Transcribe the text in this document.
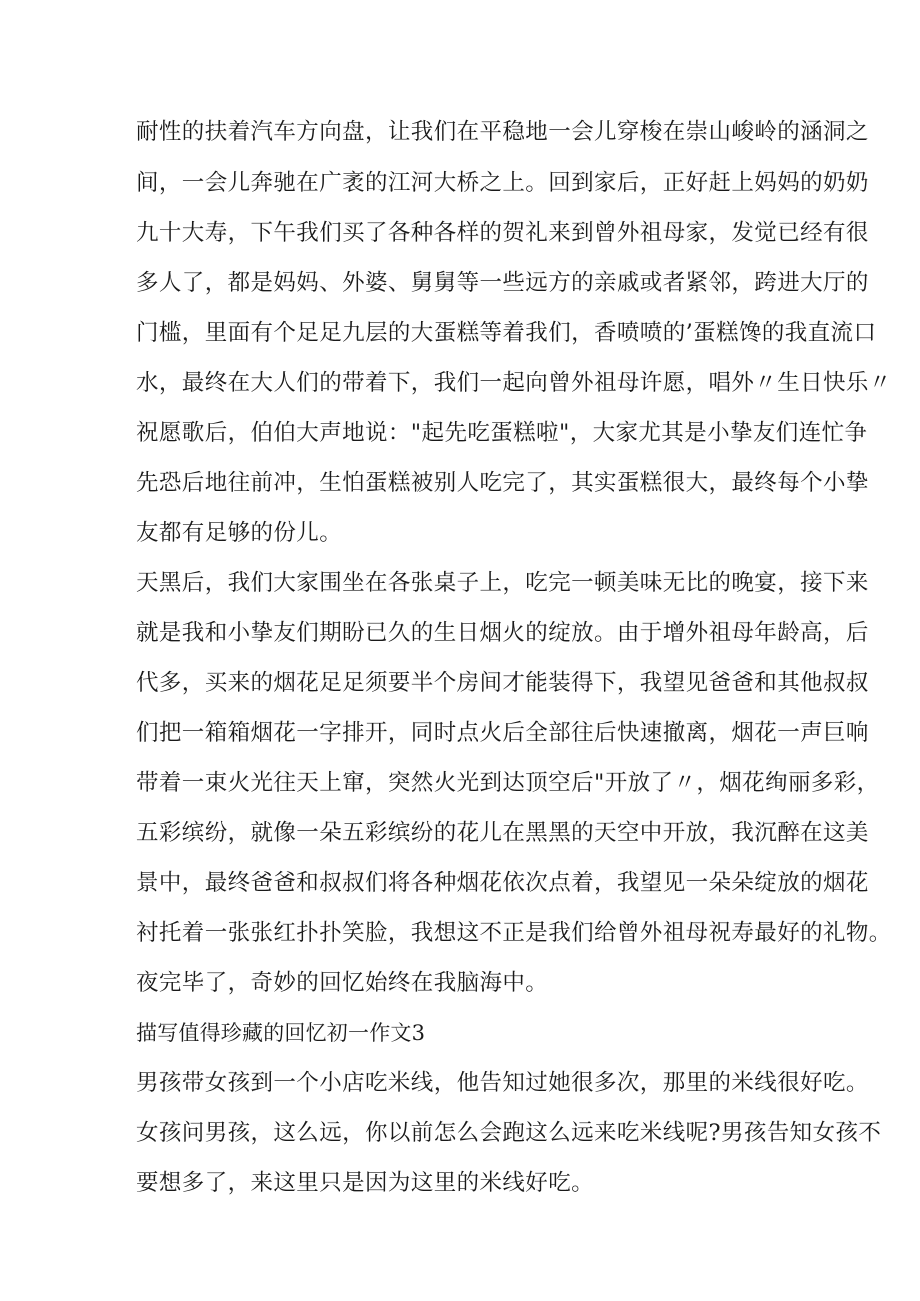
耐性的扶着汽车方向盘，让我们在平稳地一会儿穿梭在崇山峻岭的涵洞之

间，一会儿奔驰在广袤的江河大桥之上。回到家后，正好赶上妈妈的奶奶

九十大寿，下午我们买了各种各样的贺礼来到曾外祖母家，发觉已经有很

多人了，都是妈妈、外婆、舅舅等一些远方的亲戚或者紧邻，跨进大厅的

门槛，里面有个足足九层的大蛋糕等着我们，香喷喷的’蛋糕馋的我直流口

水，最终在大人们的带着下，我们一起向曾外祖母许愿，唱外〃生日快乐〃

祝愿歌后，伯伯大声地说："起先吃蛋糕啦"，大家尤其是小挚友们连忙争

先恐后地往前冲，生怕蛋糕被别人吃完了，其实蛋糕很大，最终每个小挚

友都有足够的份儿。

天黑后，我们大家围坐在各张桌子上，吃完一顿美味无比的晚宴，接下来

就是我和小挚友们期盼已久的生日烟火的绽放。由于增外祖母年龄高，后

代多，买来的烟花足足须要半个房间才能装得下，我望见爸爸和其他叔叔

们把一箱箱烟花一字排开，同时点火后全部往后快速撤离，烟花一声巨响

带着一束火光往天上窜，突然火光到达顶空后"开放了〃，烟花绚丽多彩，

五彩缤纷，就像一朵五彩缤纷的花儿在黑黑的天空中开放，我沉醉在这美

景中，最终爸爸和叔叔们将各种烟花依次点着，我望见一朵朵绽放的烟花

衬托着一张张红扑扑笑脸，我想这不正是我们给曾外祖母祝寿最好的礼物。

夜完毕了，奇妙的回忆始终在我脑海中。

描写值得珍藏的回忆初一作文3

男孩带女孩到一个小店吃米线，他告知过她很多次，那里的米线很好吃。

女孩问男孩，这么远，你以前怎么会跑这么远来吃米线呢?男孩告知女孩不

要想多了，来这里只是因为这里的米线好吃。
